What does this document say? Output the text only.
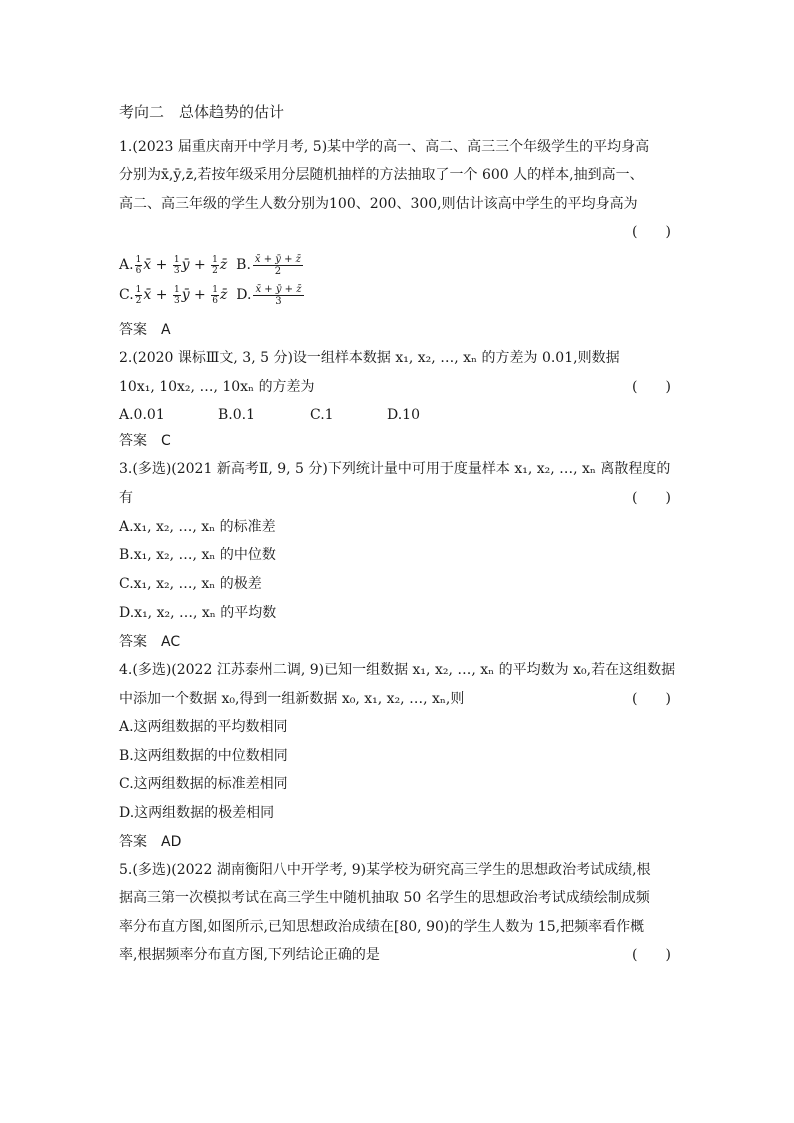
考向二　总体趋势的估计
1.(2023 届重庆南开中学月考, 5)某中学的高一、高二、高三三个年级学生的平均身高
分别为x̄,ȳ,z̄,若按年级采用分层随机抽样的方法抽取了一个 600 人的样本,抽到高一、
高二、高三年级的学生人数分别为100、200、300,则估计该高中学生的平均身高为
(　　)
A. $\frac{1}{6}$ x̄ + $\frac{1}{3}$ ȳ + $\frac{1}{2}$ z̄ B. $\frac{x̄ + ȳ + z̄}{2}$
C. $\frac{1}{2}$ x̄ + $\frac{1}{3}$ ȳ + $\frac{1}{6}$ z̄ D. $\frac{x̄ + ȳ + z̄}{3}$
答案 A
2.(2020 课标Ⅲ文, 3, 5 分)设一组样本数据 x₁, x₂, …, xₙ 的方差为 0.01,则数据
10x₁, 10x₂, …, 10xₙ 的方差为	(　　)
A.0.01	B.0.1	C.1	D.10
答案 C
3.(多选)(2021 新高考Ⅱ, 9, 5 分)下列统计量中可用于度量样本 x₁, x₂, …, xₙ 离散程度的
有	(　　)
A.x₁, x₂, …, xₙ 的标准差
B.x₁, x₂, …, xₙ 的中位数
C.x₁, x₂, …, xₙ 的极差
D.x₁, x₂, …, xₙ 的平均数
答案 AC
4.(多选)(2022 江苏泰州二调, 9)已知一组数据 x₁, x₂, …, xₙ 的平均数为 x₀,若在这组数据
中添加一个数据 x₀,得到一组新数据 x₀, x₁, x₂, …, xₙ,则	(　　)
A.这两组数据的平均数相同
B.这两组数据的中位数相同
C.这两组数据的标准差相同
D.这两组数据的极差相同
答案 AD
5.(多选)(2022 湖南衡阳八中开学考, 9)某学校为研究高三学生的思想政治考试成绩,根
据高三第一次模拟考试在高三学生中随机抽取 50 名学生的思想政治考试成绩绘制成频
率分布直方图,如图所示,已知思想政治成绩在[80, 90)的学生人数为 15,把频率看作概
率,根据频率分布直方图,下列结论正确的是	(　　)
